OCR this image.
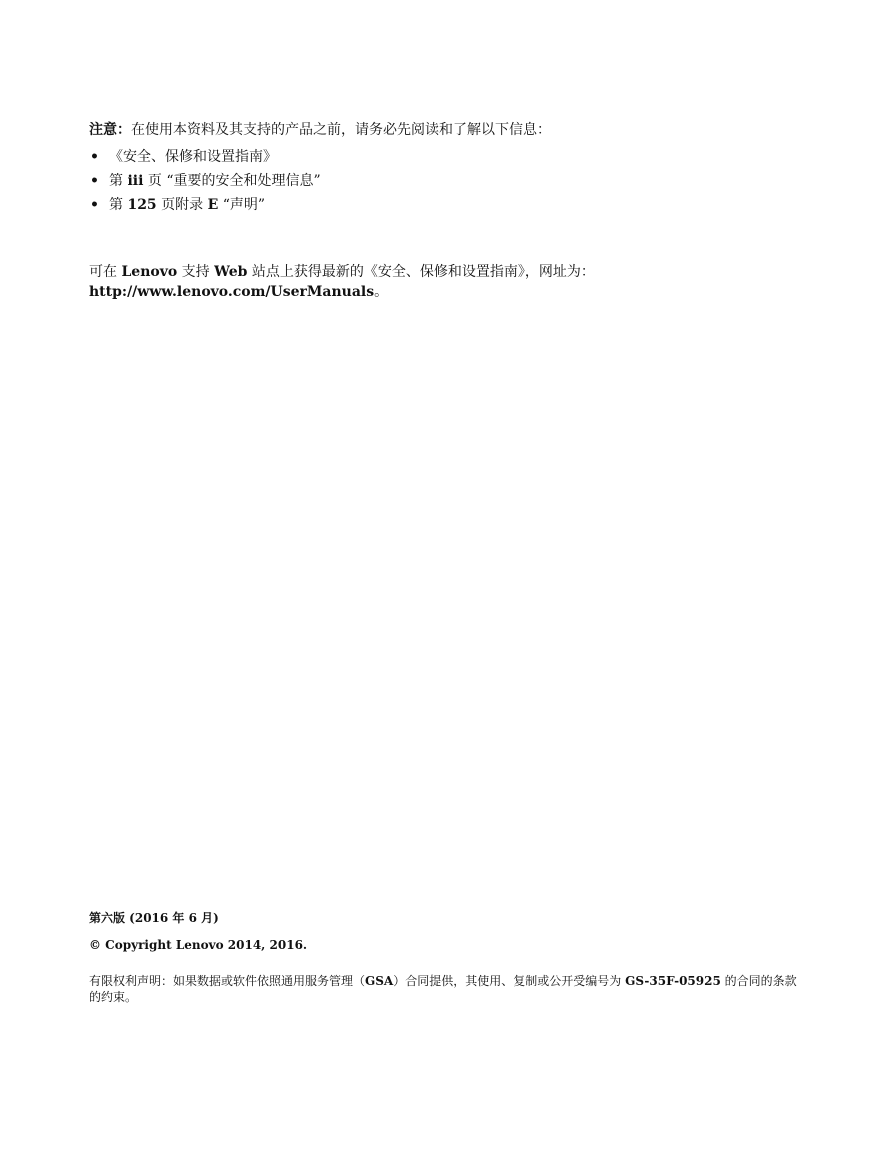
注意：在使用本资料及其支持的产品之前，请务必先阅读和了解以下信息：
• 《安全、保修和设置指南》
• 第 iii 页 “重要的安全和处理信息”
• 第 125 页附录 E “声明”
可在 Lenovo 支持 Web 站点上获得最新的《安全、保修和设置指南》，网址为：
http://www.lenovo.com/UserManuals。
第六版 (2016 年 6 月)
© Copyright Lenovo 2014, 2016.
有限权利声明：如果数据或软件依照通用服务管理（GSA）合同提供，其使用、复制或公开受编号为 GS-35F-05925 的合同的条款的约束。
